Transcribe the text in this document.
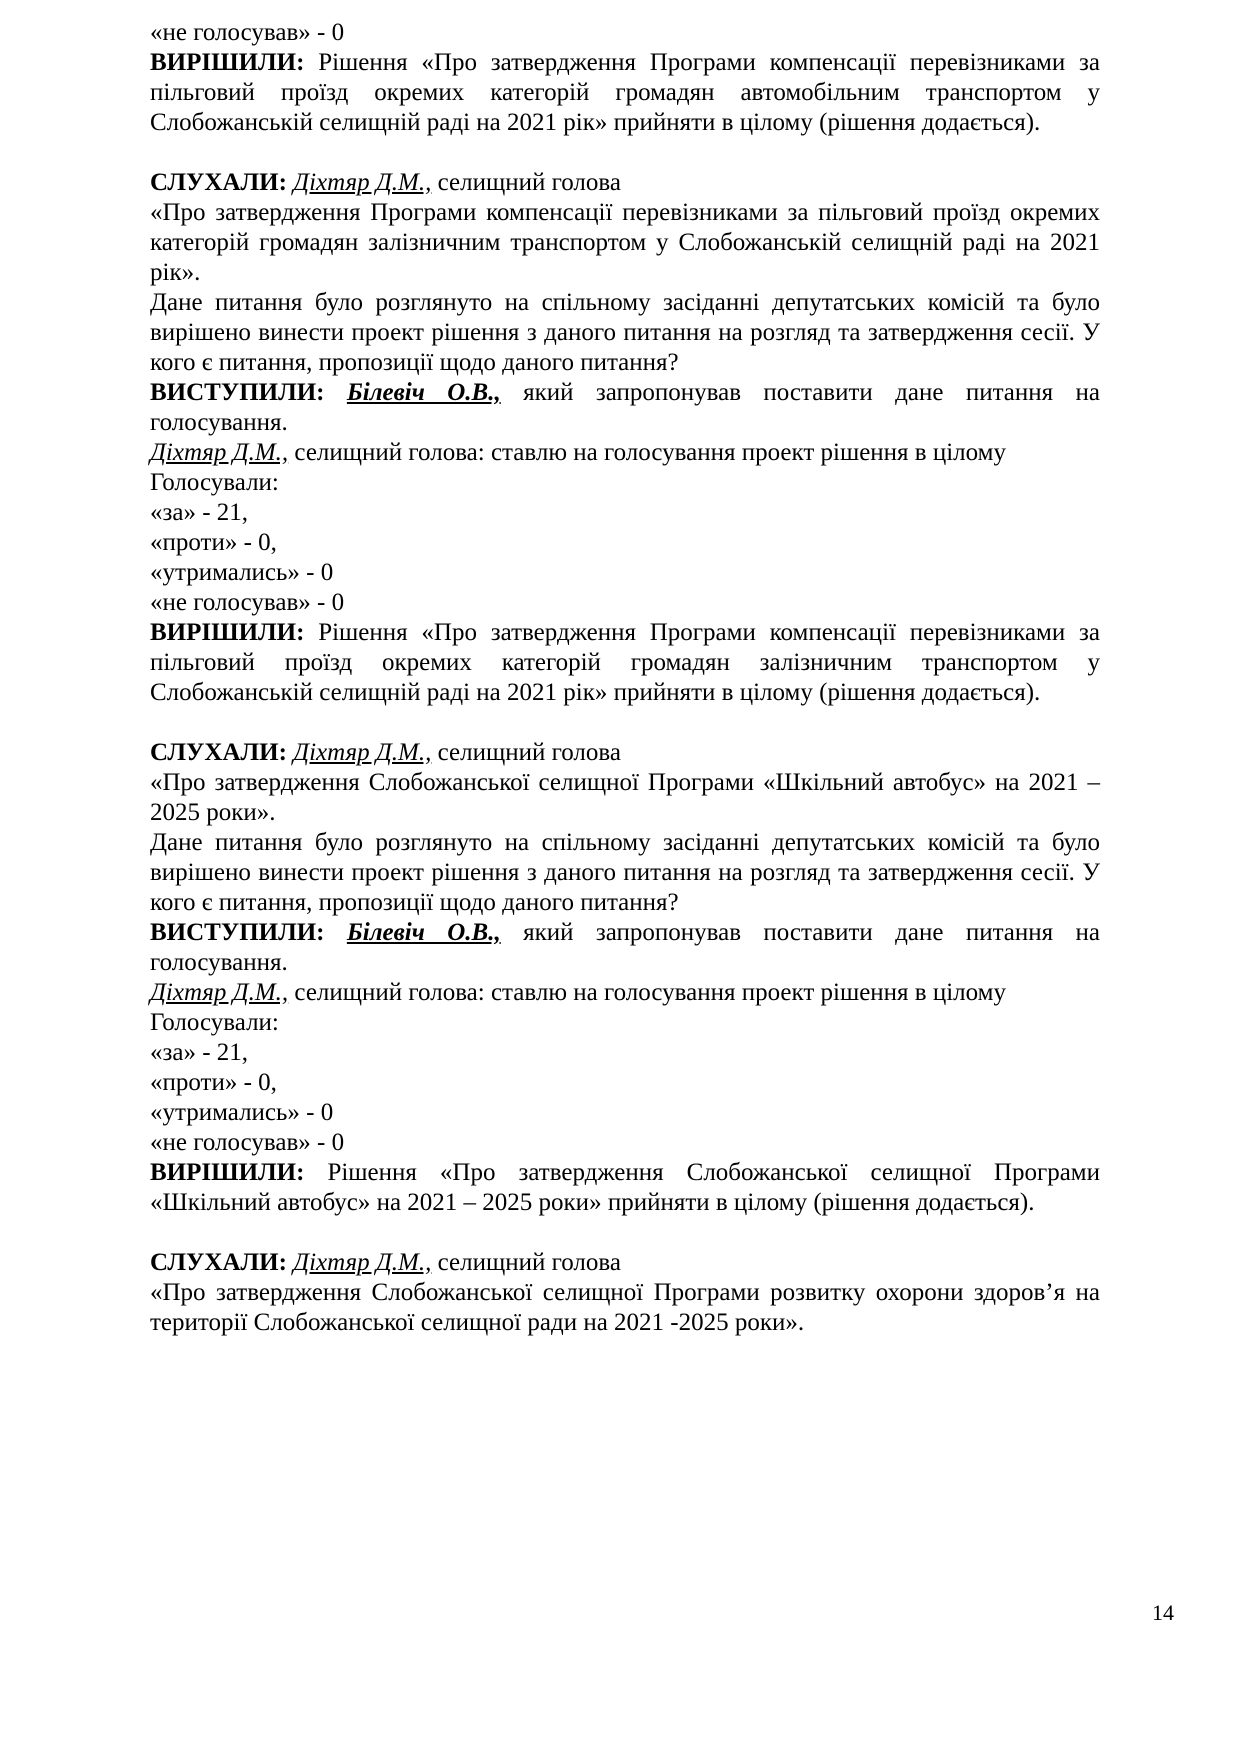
«не голосував» - 0

ВИРІШИЛИ: Рішення «Про затвердження Програми компенсації перевізниками за пільговий проїзд окремих категорій громадян автомобільним транспортом у Слобожанській селищній раді на 2021 рік» прийняти в цілому (рішення додається).

СЛУХАЛИ: Діхтяр Д.М., селищний голова

«Про затвердження Програми компенсації перевізниками за пільговий проїзд окремих категорій громадян залізничним транспортом у Слобожанській селищній раді на 2021 рік».

Дане питання було розглянуто на спільному засіданні депутатських комісій та було вирішено винести проект рішення з даного питання на розгляд та затвердження сесії. У кого є питання, пропозиції щодо даного питання?

ВИСТУПИЛИ: Білевіч О.В., який запропонував поставити дане питання на голосування.

Діхтяр Д.М., селищний голова: ставлю на голосування проект рішення в цілому

Голосували:

«за» - 21,

«проти» - 0,

«утримались» - 0

«не голосував» - 0

ВИРІШИЛИ: Рішення «Про затвердження Програми компенсації перевізниками за пільговий проїзд окремих категорій громадян залізничним транспортом у Слобожанській селищній раді на 2021 рік» прийняти в цілому (рішення додається).

СЛУХАЛИ: Діхтяр Д.М., селищний голова

«Про затвердження Слобожанської селищної Програми «Шкільний автобус» на 2021 – 2025 роки».

Дане питання було розглянуто на спільному засіданні депутатських комісій та було вирішено винести проект рішення з даного питання на розгляд та затвердження сесії. У кого є питання, пропозиції щодо даного питання?

ВИСТУПИЛИ: Білевіч О.В., який запропонував поставити дане питання на голосування.

Діхтяр Д.М., селищний голова: ставлю на голосування проект рішення в цілому

Голосували:

«за» - 21,

«проти» - 0,

«утримались» - 0

«не голосував» - 0

ВИРІШИЛИ: Рішення «Про затвердження Слобожанської селищної Програми «Шкільний автобус» на 2021 – 2025 роки» прийняти в цілому (рішення додається).

СЛУХАЛИ: Діхтяр Д.М., селищний голова

«Про затвердження Слобожанської селищної Програми розвитку охорони здоров’я на території Слобожанської селищної ради на 2021 -2025 роки».

14
